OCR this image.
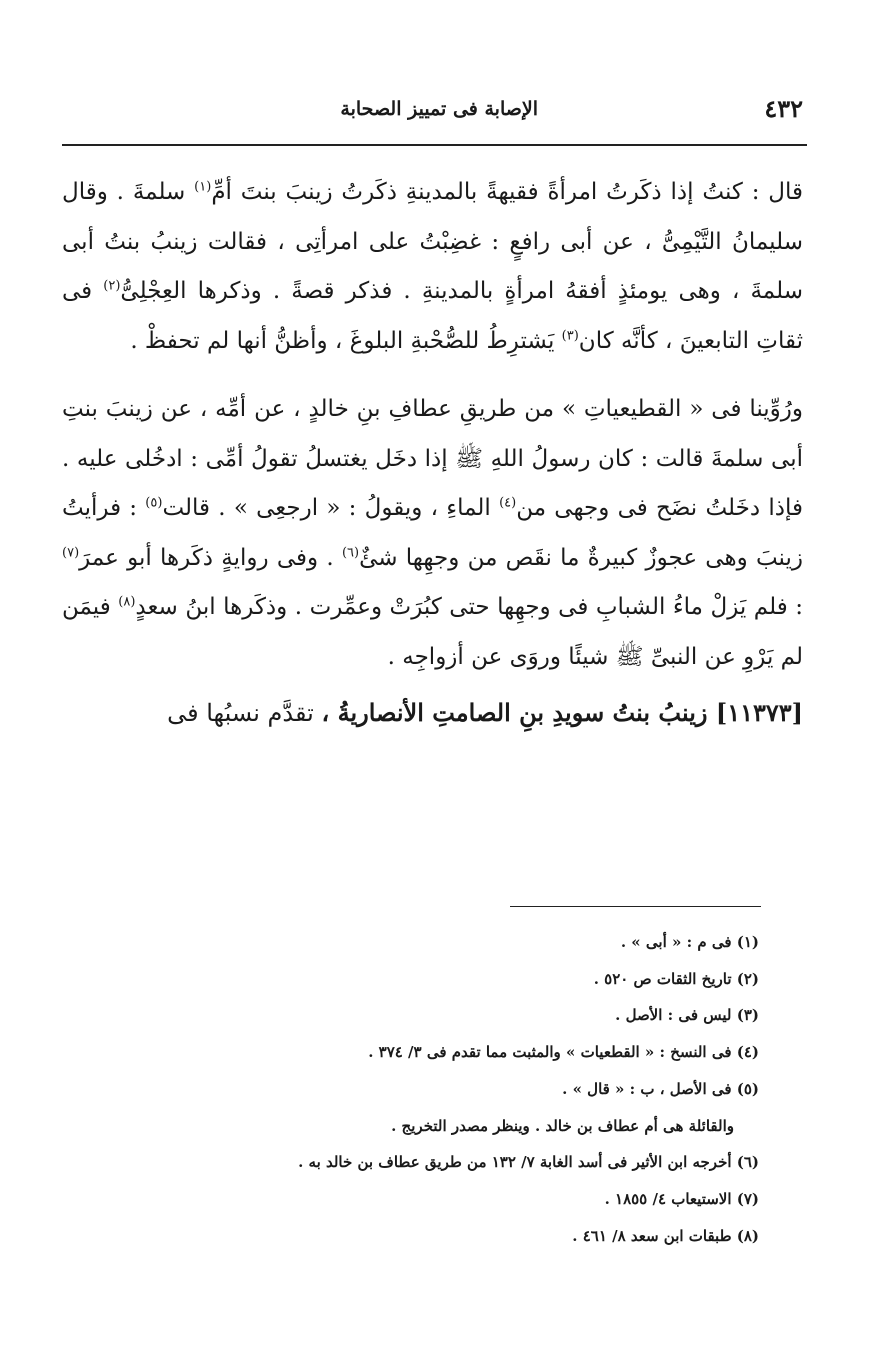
٤٣٢
الإصابة فى تمييز الصحابة

قال : كنتُ إذا ذكَرتُ امرأةً فقيهةً بالمدينةِ ذكَرتُ زينبَ بنتَ أمِّ$^{(١)}$ سلمةَ . وقال سليمانُ التَّيْمِىُّ ، عن أبى رافعٍ : غضِبْتُ على امرأتِى ، فقالت زينبُ بنتُ أبى سلمةَ ، وهى يومئذٍ أفقهُ امرأةٍ بالمدينةِ . فذكر قصةً . وذكرها العِجْلِىُّ$^{(٢)}$ فى ثقاتِ التابعينَ ، كأنَّه كان$^{(٣)}$ يَشترِطُ للصُّحْبةِ البلوغَ ، وأظنُّ أنها لم تحفظْ .

ورُوِّينا فى « القطيعياتِ » من طريقِ عطافِ بنِ خالدٍ ، عن أمِّه ، عن زينبَ بنتِ أبى سلمةَ قالت : كان رسولُ اللهِ ﷺ إذا دخَل يغتسلُ تقولُ أمِّى : ادخُلى عليه . فإذا دخَلتُ نضَح فى وجهى من$^{(٤)}$ الماءِ ، ويقولُ : « ارجعِى » . قالت$^{(٥)}$ : فرأيتُ زينبَ وهى عجوزٌ كبيرةٌ ما نقَص من وجهِها شئٌ$^{(٦)}$ . وفى روايةٍ ذكَرها أبو عمرَ$^{(٧)}$ : فلم يَزلْ ماءُ الشبابِ فى وجهِها حتى كبُرَتْ وعمِّرت . وذكَرها ابنُ سعدٍ$^{(٨)}$ فيمَن لم يَرْوِ عن النبىِّ ﷺ شيئًا وروَى عن أزواجِه .

[١١٣٧٣] زينبُ بنتُ سويدِ بنِ الصامتِ الأنصاريةُ ، تقدَّم نسبُها فى

(١) فى م : « أبى » .
(٢) تاريخ الثقات ص ٥٢٠ .
(٣) ليس فى : الأصل .
(٤) فى النسخ : « القطعيات » والمثبت مما تقدم فى ٣/ ٣٧٤ .
(٥) فى الأصل ، ب : « قال » .
والقائلة هى أم عطاف بن خالد . وينظر مصدر التخريج .
(٦) أخرجه ابن الأثير فى أسد الغابة ٧/ ١٣٢ من طريق عطاف بن خالد به .
(٧) الاستيعاب ٤/ ١٨٥٥ .
(٨) طبقات ابن سعد ٨/ ٤٦١ .
